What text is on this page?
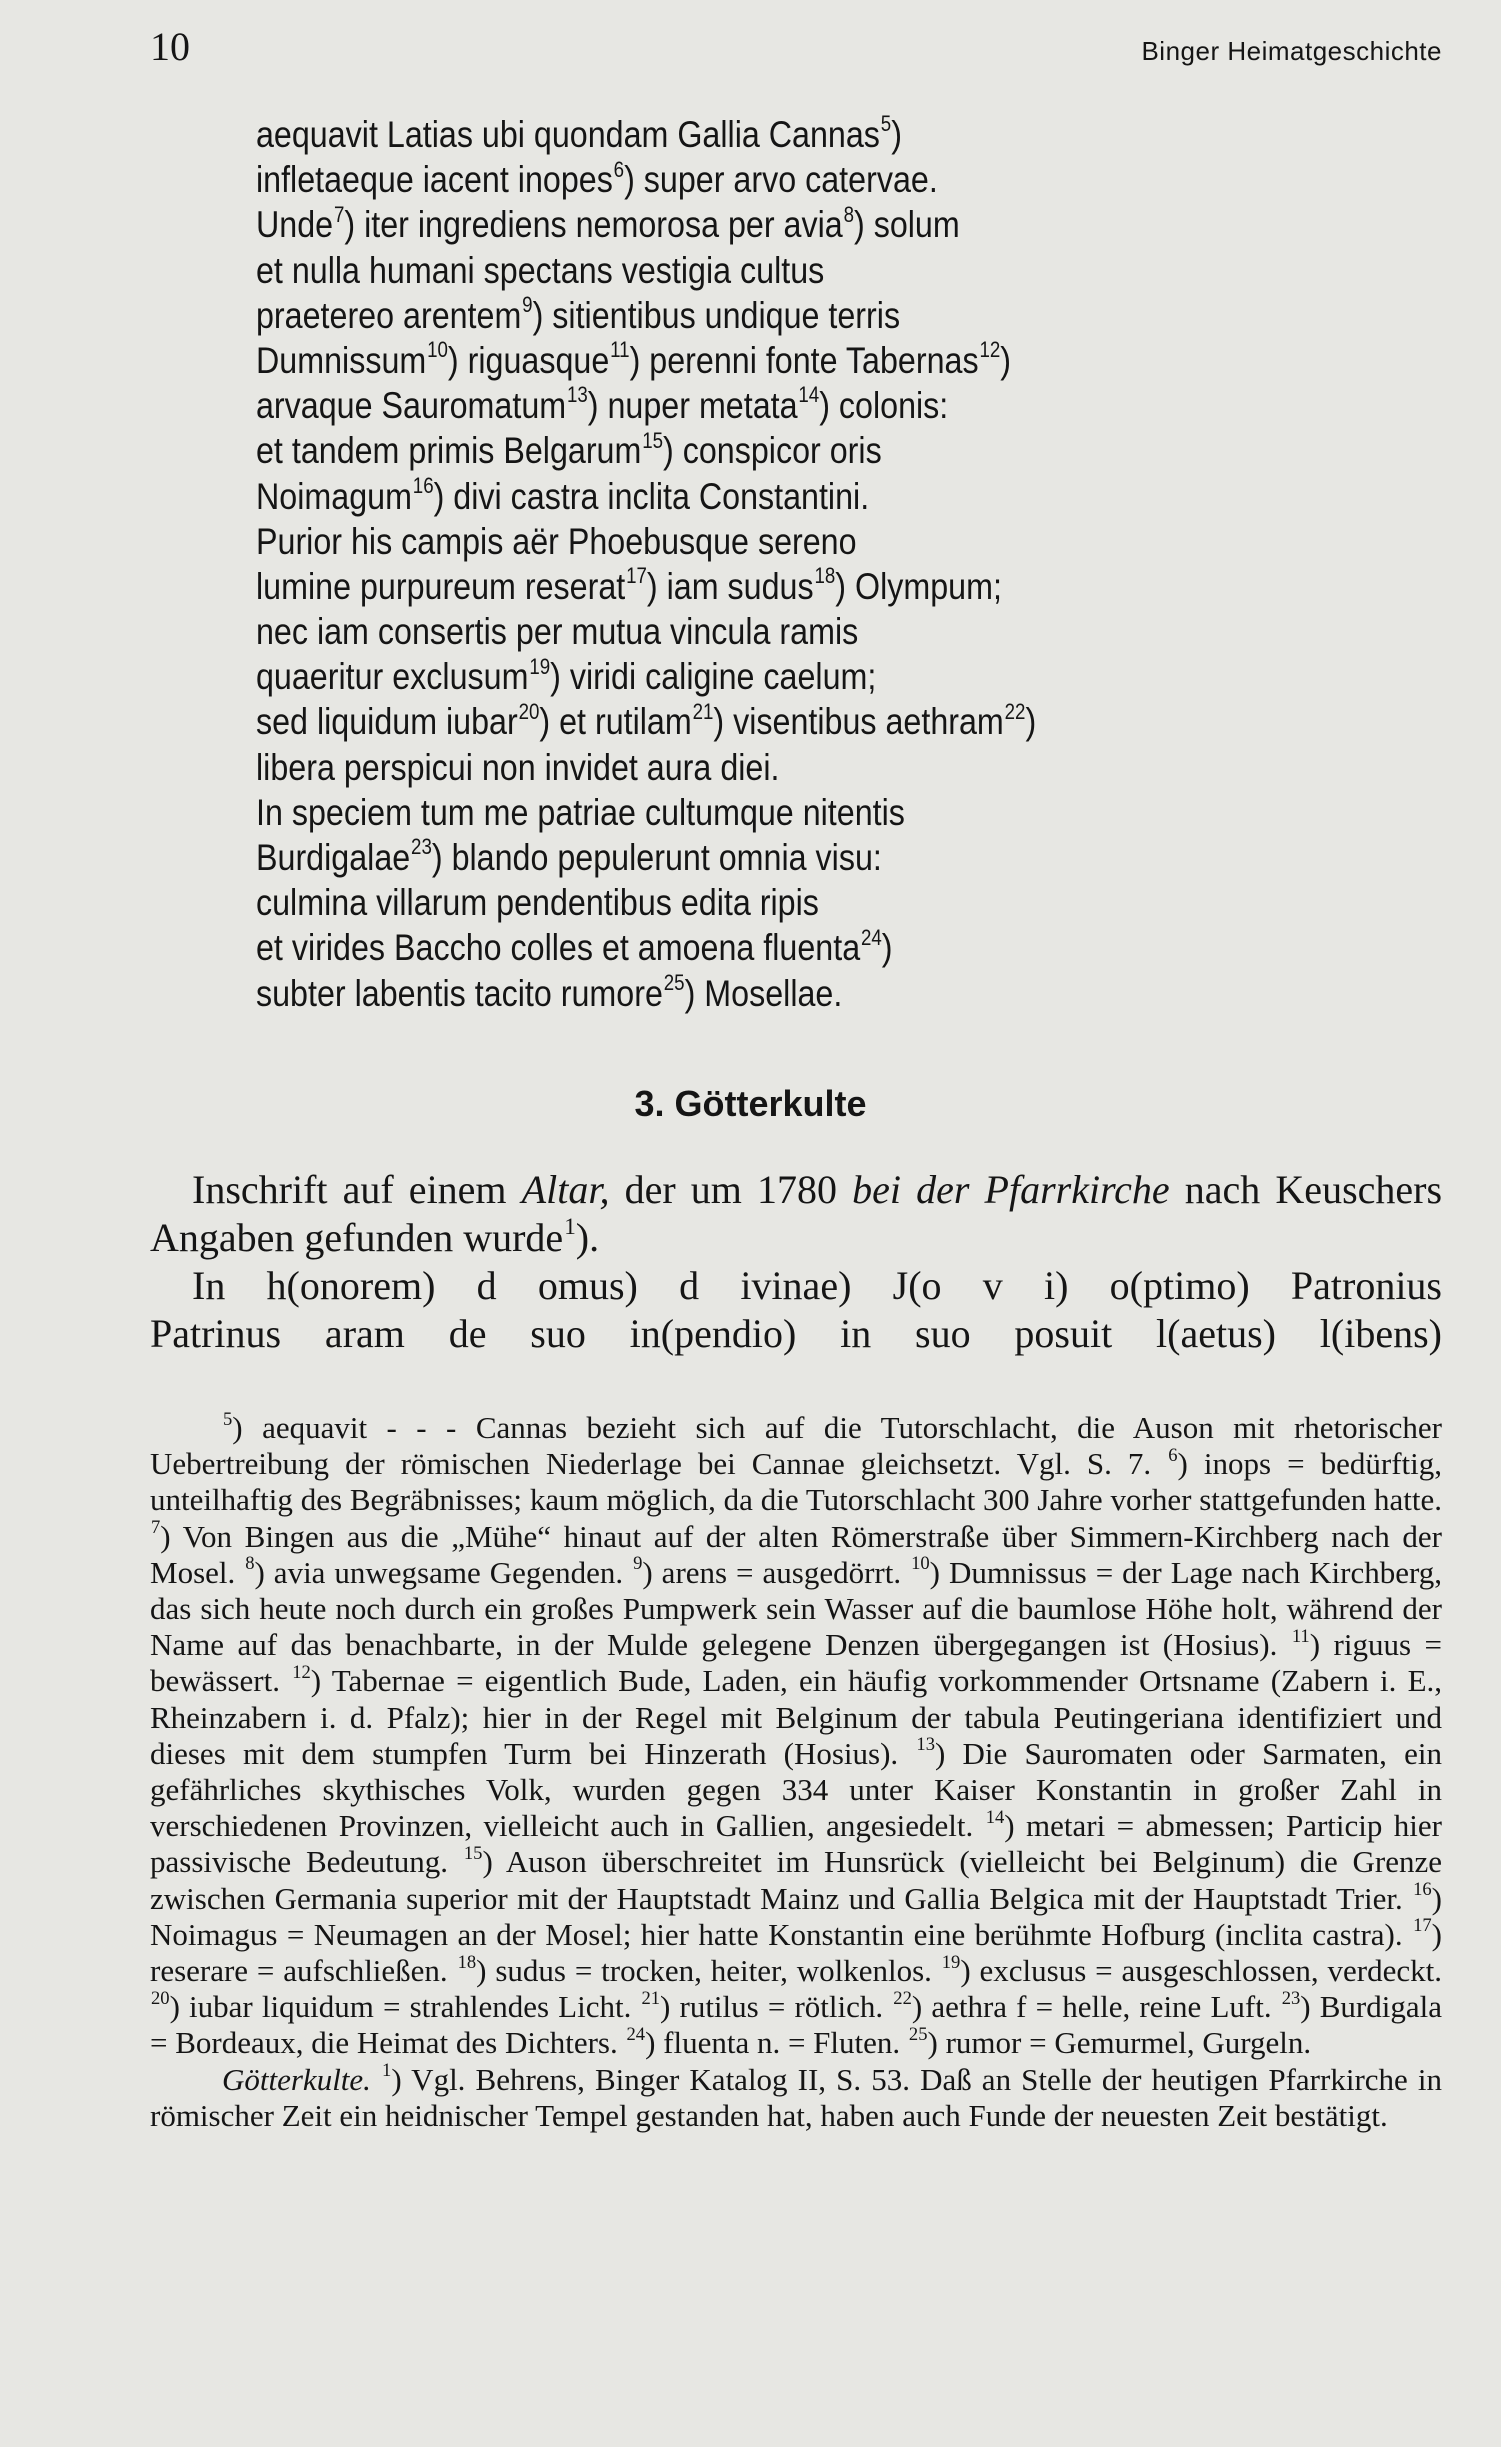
10	Binger Heimatgeschichte
aequavit Latias ubi quondam Gallia Cannas$^5$)
infletaeque iacent inopes$^6$) super arvo catervae.
Unde$^7$) iter ingrediens nemorosa per avia$^8$) solum
et nulla humani spectans vestigia cultus
praetereo arentem$^9$) sitientibus undique terris
Dumnissum$^{10}$) riguasque$^{11}$) perenni fonte Tabernas$^{12}$)
arvaque Sauromatum$^{13}$) nuper metata$^{14}$) colonis:
et tandem primis Belgarum$^{15}$) conspicor oris
Noimagum$^{16}$) divi castra inclita Constantini.
Purior his campis aër Phoebusque sereno
lumine purpureum reserat$^{17}$) iam sudus$^{18}$) Olympum;
nec iam consertis per mutua vincula ramis
quaeritur exclusum$^{19}$) viridi caligine caelum;
sed liquidum iubar$^{20}$) et rutilam$^{21}$) visentibus aethram$^{22}$)
libera perspicui non invidet aura diei.
In speciem tum me patriae cultumque nitentis
Burdigalae$^{23}$) blando pepulerunt omnia visu:
culmina villarum pendentibus edita ripis
et virides Baccho colles et amoena fluenta$^{24}$)
subter labentis tacito rumore$^{25}$) Mosellae.
3. Götterkulte

Inschrift auf einem Altar, der um 1780 bei der Pfarrkirche nach Keuschers Angaben gefunden wurde$^1$).

In h(onorem) d omus) d ivinae) J(o v i) o(ptimo) Patronius

Patrinus aram de suo in(pendio) in suo posuit l(aetus) l(ibens)

$^5$) aequavit - - - Cannas bezieht sich auf die Tutorschlacht, die Auson mit rhetorischer Uebertreibung der römischen Niederlage bei Cannae gleichsetzt. Vgl. S. 7. $^6$) inops = bedürftig, unteilhaftig des Begräbnisses; kaum möglich, da die Tutorschlacht 300 Jahre vorher stattgefunden hatte. $^7$) Von Bingen aus die „Mühe“ hinaut auf der alten Römerstraße über Simmern-Kirchberg nach der Mosel. $^8$) avia unwegsame Gegenden. $^9$) arens = ausgedörrt. $^{10}$) Dumnissus = der Lage nach Kirchberg, das sich heute noch durch ein großes Pumpwerk sein Wasser auf die baumlose Höhe holt, während der Name auf das benachbarte, in der Mulde gelegene Denzen übergegangen ist (Hosius). $^{11}$) riguus = bewässert. $^{12}$) Tabernae = eigentlich Bude, Laden, ein häufig vorkommender Ortsname (Zabern i. E., Rheinzabern i. d. Pfalz); hier in der Regel mit Belginum der tabula Peutingeriana identifiziert und dieses mit dem stumpfen Turm bei Hinzerath (Hosius). $^{13}$) Die Sauromaten oder Sarmaten, ein gefährliches skythisches Volk, wurden gegen 334 unter Kaiser Konstantin in großer Zahl in verschiedenen Provinzen, vielleicht auch in Gallien, angesiedelt. $^{14}$) metari = abmessen; Particip hier passivische Bedeutung. $^{15}$) Auson überschreitet im Hunsrück (vielleicht bei Belginum) die Grenze zwischen Germania superior mit der Hauptstadt Mainz und Gallia Belgica mit der Hauptstadt Trier. $^{16}$) Noimagus = Neumagen an der Mosel; hier hatte Konstantin eine berühmte Hofburg (inclita castra). $^{17}$) reserare = aufschließen. $^{18}$) sudus = trocken, heiter, wolkenlos. $^{19}$) exclusus = ausgeschlossen, verdeckt. $^{20}$) iubar liquidum = strahlendes Licht. $^{21}$) rutilus = rötlich. $^{22}$) aethra f = helle, reine Luft. $^{23}$) Burdigala = Bordeaux, die Heimat des Dichters. $^{24}$) fluenta n. = Fluten. $^{25}$) rumor = Gemurmel, Gurgeln.

Götterkulte. $^1$) Vgl. Behrens, Binger Katalog II, S. 53. Daß an Stelle der heutigen Pfarrkirche in römischer Zeit ein heidnischer Tempel gestanden hat, haben auch Funde der neuesten Zeit bestätigt.
